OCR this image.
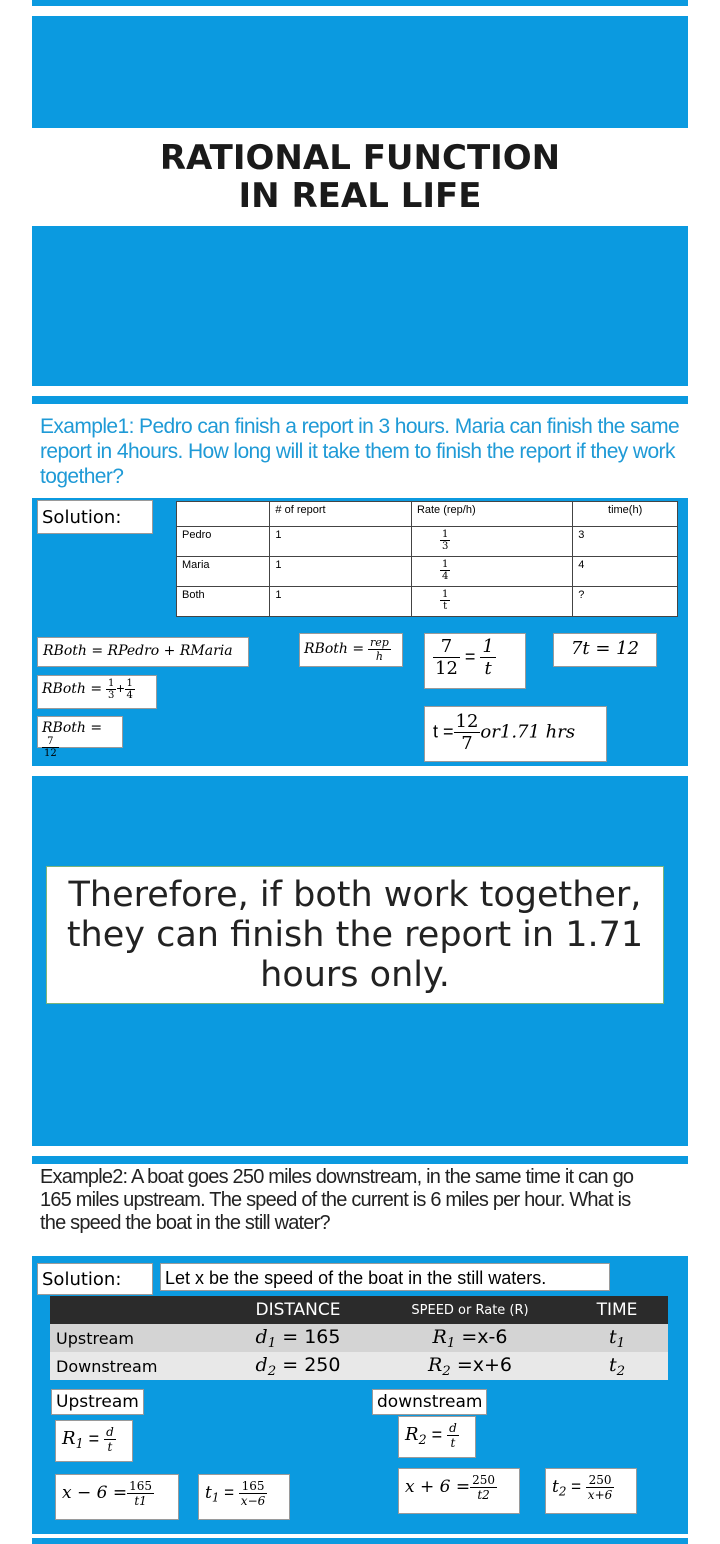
RATIONAL FUNCTION
IN REAL LIFE
Example1: Pedro can finish a report in 3 hours. Maria can finish the same report in 4hours. How long will it take them to finish the report if they work together?
Solution:
		# of report	Rate (rep/h)	time(h)
Pedro	1	$\frac{1}{3}$	3
Maria	1	$\frac{1}{4}$	4
Both	1	$\frac{1}{t}$	?
RBoth = RPedro + RMaria
RBoth = $\frac{1}{3} + \frac{1}{4}$
RBoth =
$\frac{7}{12}$
RBoth = $\frac{\text{rep}}{h} \frac{7}{12} = \frac{1}{t}$	7t = 12
$t = \frac{12}{7} or1.71$ hrs
Therefore, if both work together,
they can finish the report in 1.71
hours only.
Example2: A boat goes 250 miles downstream, in the same time it can go 165 miles upstream. The speed of the current is 6 miles per hour. What is the speed the boat in the still water?
Solution:	Let x be the speed of the boat in the still waters.
	DISTANCE	SPEED or Rate (R)	TIME
Upstream	$d_1 = 165$	$R_1 =x-6$	$t_1$
Downstream	$d_2 = 250$	$R_2 =x+6$	$t_2$
Upstream	downstream
$R_1 = \frac{d}{t}$	$R_2 = \frac{d}{t}$
$x - 6 = \frac{165}{t1}$	$t_1 = \frac{165}{x-6}$	$x + 6 = \frac{250}{t2}$	$t_2 = \frac{250}{x+6}$
